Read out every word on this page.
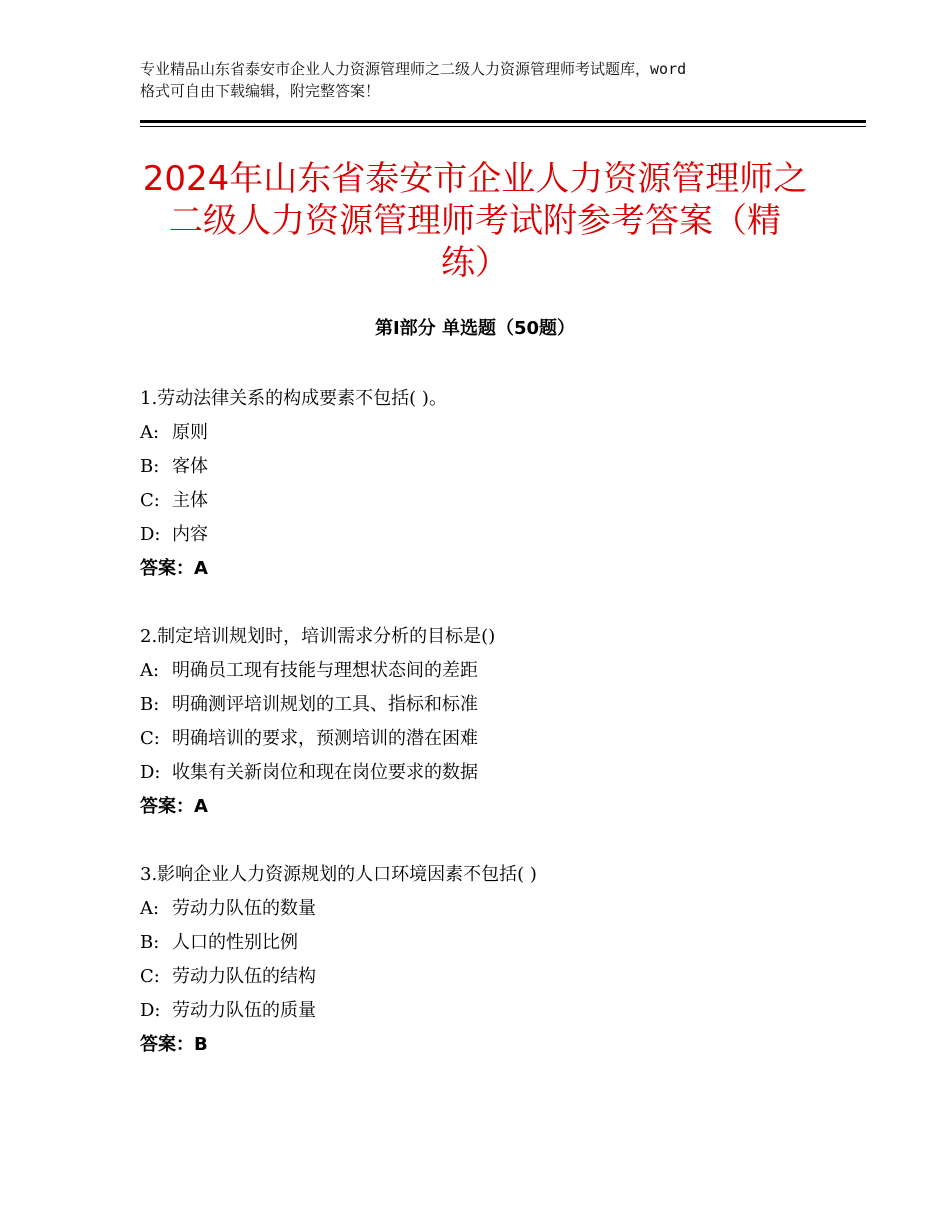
专业精品山东省泰安市企业人力资源管理师之二级人力资源管理师考试题库，word
格式可自由下载编辑，附完整答案！
2024年山东省泰安市企业人力资源管理师之
二级人力资源管理师考试附参考答案（精
练）
第Ⅰ部分 单选题（50题）
1.劳动法律关系的构成要素不包括( )。
A: 原则
B: 客体
C: 主体
D: 内容
答案：A
2.制定培训规划时，培训需求分析的目标是()
A: 明确员工现有技能与理想状态间的差距
B: 明确测评培训规划的工具、指标和标准
C: 明确培训的要求，预测培训的潜在困难
D: 收集有关新岗位和现在岗位要求的数据
答案：A
3.影响企业人力资源规划的人口环境因素不包括( )
A: 劳动力队伍的数量
B: 人口的性别比例
C: 劳动力队伍的结构
D: 劳动力队伍的质量
答案：B
